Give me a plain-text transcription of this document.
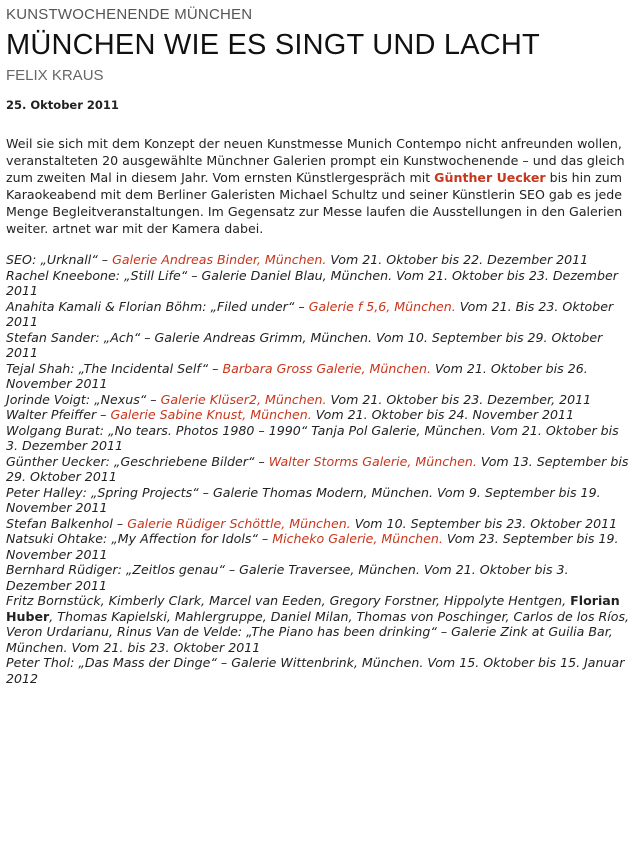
KUNSTWOCHENENDE MÜNCHEN

MÜNCHEN WIE ES SINGT UND LACHT

FELIX KRAUS

25. Oktober 2011

Weil sie sich mit dem Konzept der neuen Kunstmesse Munich Contempo nicht anfreunden wollen, veranstalteten 20 ausgewählte Münchner Galerien prompt ein Kunstwochenende – und das gleich zum zweiten Mal in diesem Jahr. Vom ernsten Künstlergespräch mit Günther Uecker bis hin zum Karaokeabend mit dem Berliner Galeristen Michael Schultz und seiner Künstlerin SEO gab es jede Menge Begleitveranstaltungen. Im Gegensatz zur Messe laufen die Ausstellungen in den Galerien weiter. artnet war mit der Kamera dabei.

SEO: „Urknall“ – Galerie Andreas Binder, München. Vom 21. Oktober bis 22. Dezember 2011
Rachel Kneebone: „Still Life“ – Galerie Daniel Blau, München. Vom 21. Oktober bis 23. Dezember 2011
Anahita Kamali & Florian Böhm: „Filed under“ – Galerie f 5,6, München. Vom 21. Bis 23. Oktober 2011
Stefan Sander: „Ach“ – Galerie Andreas Grimm, München. Vom 10. September bis 29. Oktober 2011
Tejal Shah: „The Incidental Self“ – Barbara Gross Galerie, München. Vom 21. Oktober bis 26. November 2011
Jorinde Voigt: „Nexus“ – Galerie Klüser2, München. Vom 21. Oktober bis 23. Dezember, 2011
Walter Pfeiffer – Galerie Sabine Knust, München. Vom 21. Oktober bis 24. November 2011
Wolgang Burat: „No tears. Photos 1980 – 1990“ Tanja Pol Galerie, München. Vom 21. Oktober bis 3. Dezember 2011
Günther Uecker: „Geschriebene Bilder“ – Walter Storms Galerie, München. Vom 13. September bis 29. Oktober 2011
Peter Halley: „Spring Projects“ – Galerie Thomas Modern, München. Vom 9. September bis 19. November 2011
Stefan Balkenhol – Galerie Rüdiger Schöttle, München. Vom 10. September bis 23. Oktober 2011
Natsuki Ohtake: „My Affection for Idols“ – Micheko Galerie, München. Vom 23. September bis 19. November 2011
Bernhard Rüdiger: „Zeitlos genau“ – Galerie Traversee, München. Vom 21. Oktober bis 3. Dezember 2011
Fritz Bornstück, Kimberly Clark, Marcel van Eeden, Gregory Forstner, Hippolyte Hentgen, Florian Huber, Thomas Kapielski, Mahlergruppe, Daniel Milan, Thomas von Poschinger, Carlos de los Ríos, Veron Urdarianu, Rinus Van de Velde: „The Piano has been drinking“ – Galerie Zink at Guilia Bar, München. Vom 21. bis 23. Oktober 2011
Peter Thol: „Das Mass der Dinge“ – Galerie Wittenbrink, München. Vom 15. Oktober bis 15. Januar 2012
